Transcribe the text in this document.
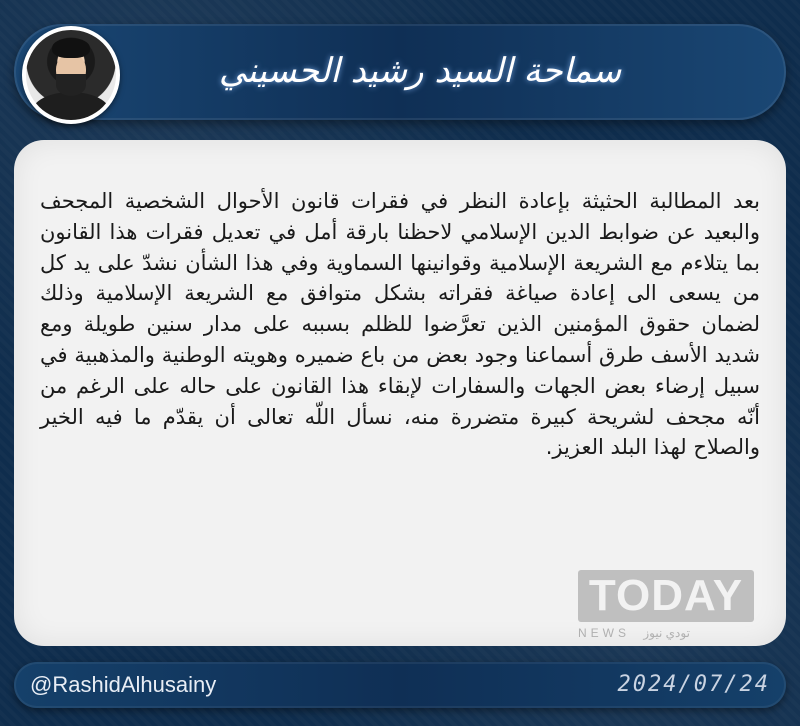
سماحة السيد رشيد الحسيني
بعد المطالبة الحثيثة بإعادة النظر في فقرات قانون الأحوال الشخصية المجحف والبعيد عن ضوابط الدين الإسلامي لاحظنا بارقة أمل في تعديل فقرات هذا القانون بما يتلاءم مع الشريعة الإسلامية وقوانينها السماوية وفي هذا الشأن نشدّ على يد كل من يسعى الى إعادة صياغة فقراته بشكل متوافق مع الشريعة الإسلامية وذلك لضمان حقوق المؤمنين الذين تعرَّضوا للظلم بسببه على مدار سنين طويلة ومع شديد الأسف طرق أسماعنا وجود بعض من باع ضميره وهويته الوطنية والمذهبية في سبيل إرضاء بعض الجهات والسفارات لإبقاء هذا القانون على حاله على الرغم من أنّه مجحف لشريحة كبيرة متضررة منه، نسأل اللّه تعالى أن يقدّم ما فيه الخير والصلاح لهذا البلد العزيز.
TODAY
NEWS تودي نيوز
@RashidAlhusainy	2024/07/24
